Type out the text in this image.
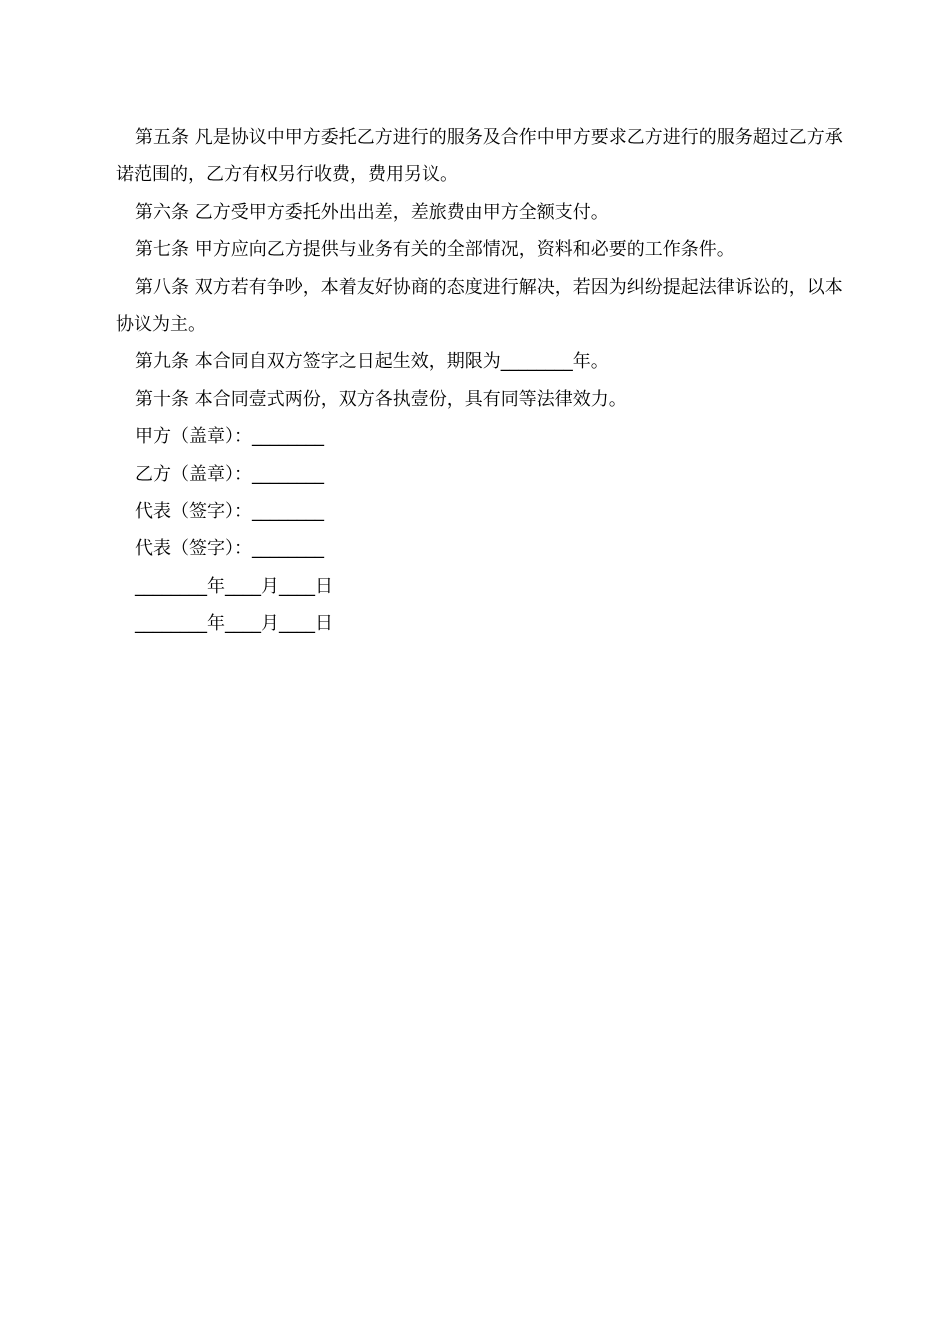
第五条 凡是协议中甲方委托乙方进行的服务及合作中甲方要求乙方进行的服务超过乙方承诺范围的，乙方有权另行收费，费用另议。

第六条 乙方受甲方委托外出出差，差旅费由甲方全额支付。

第七条 甲方应向乙方提供与业务有关的全部情况，资料和必要的工作条件。

第八条 双方若有争吵，本着友好协商的态度进行解决，若因为纠纷提起法律诉讼的，以本协议为主。

第九条 本合同自双方签字之日起生效，期限为________年。

第十条 本合同壹式两份，双方各执壹份，具有同等法律效力。

甲方（盖章）：________

乙方（盖章）：________

代表（签字）：________

代表（签字）：________

________年____月____日

________年____月____日
